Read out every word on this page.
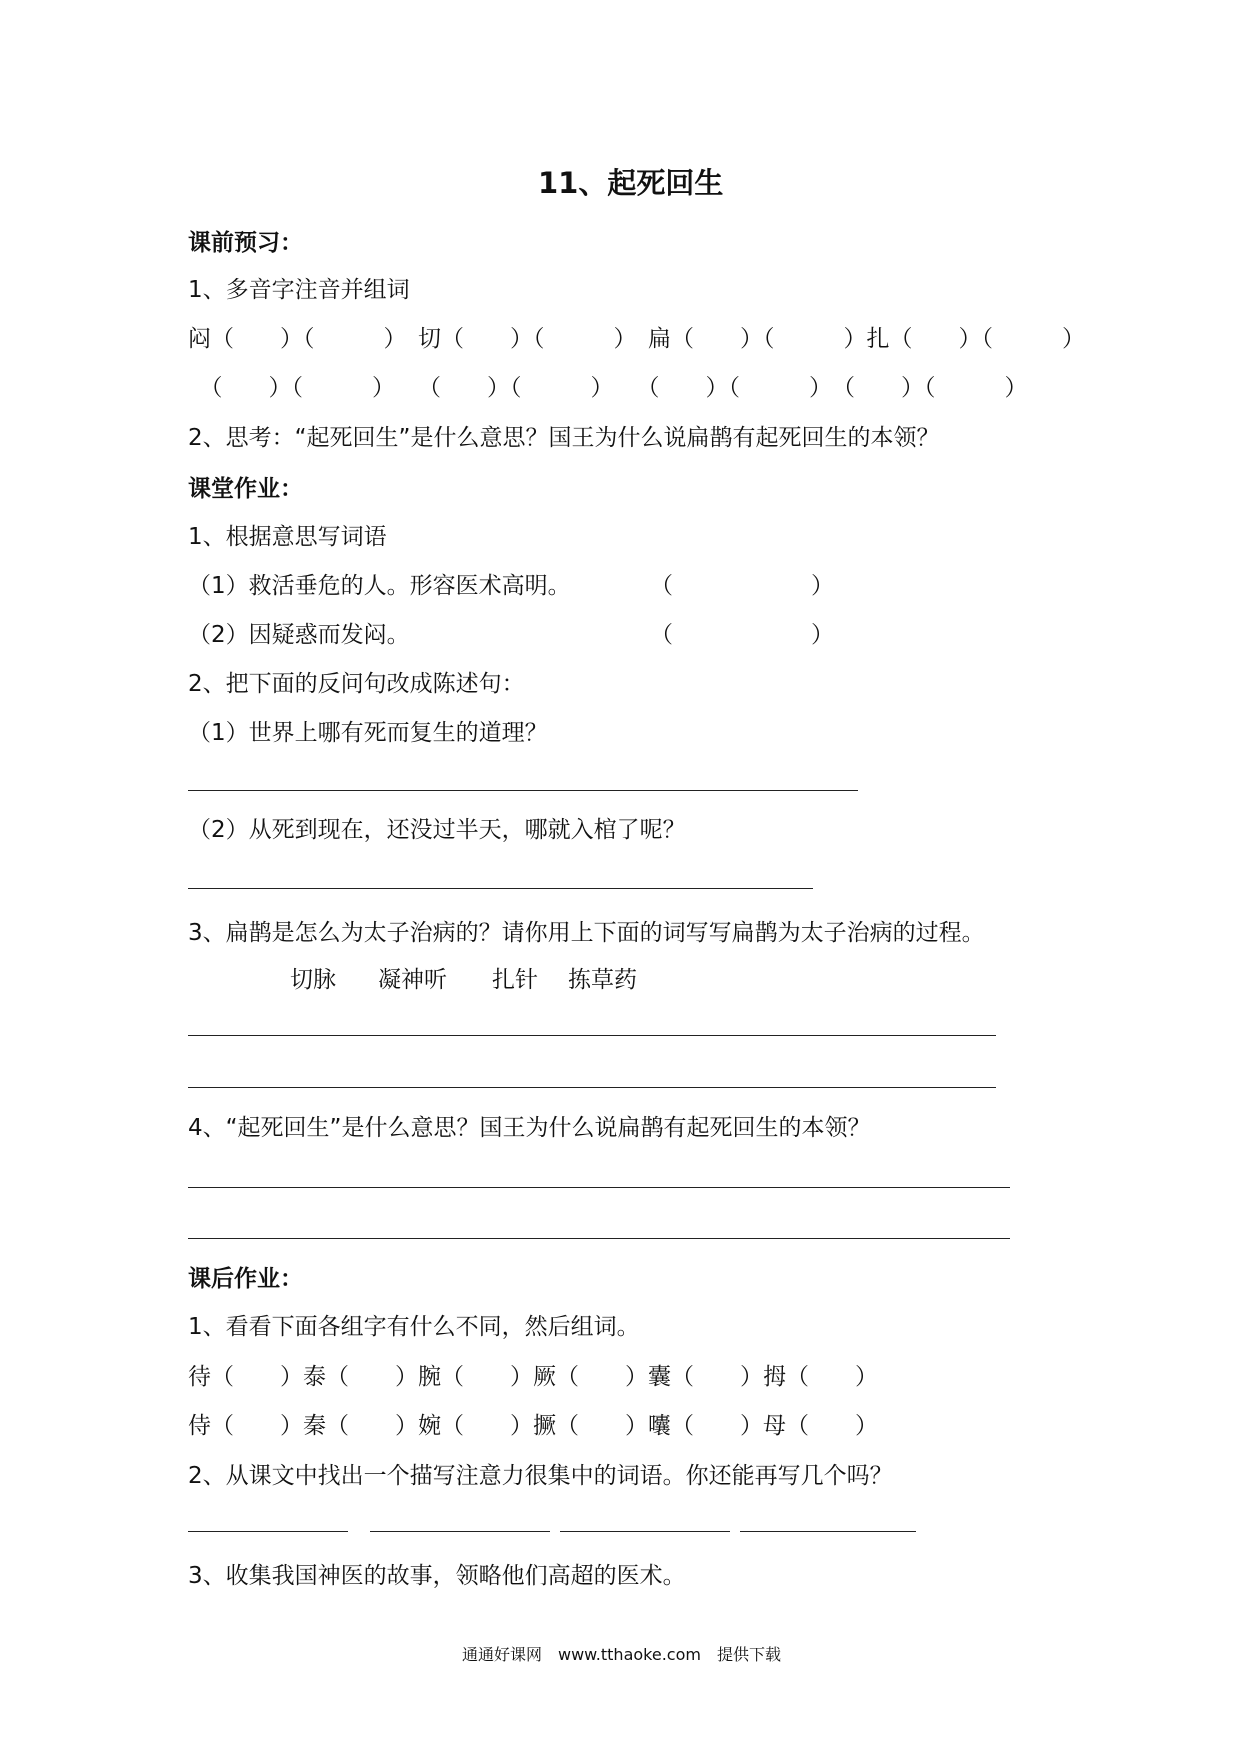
11、起死回生
课前预习：
1、多音字注音并组词
闷（　　）（　　　）　切（　　）（　　　）　扁（　　）（　　　）扎（　　）（　　　）
　（　　）（　　　）　　（　　）（　　　）　　（　　）（　　　）　（　　）（　　　）
2、思考：“起死回生”是什么意思？国王为什么说扁鹊有起死回生的本领？
课堂作业：
1、根据意思写词语
（1）救活垂危的人。形容医术高明。	（　　　　　　）
（2）因疑惑而发闷。	（　　　　　　）
2、把下面的反问句改成陈述句：
（1）世界上哪有死而复生的道理？
（2）从死到现在，还没过半天，哪就入棺了呢？
3、扁鹊是怎么为太子治病的？请你用上下面的词写写扁鹊为太子治病的过程。
切脉 凝神听 扎针 拣草药
4、“起死回生”是什么意思？国王为什么说扁鹊有起死回生的本领？
课后作业：
1、看看下面各组字有什么不同，然后组词。
待（　　）泰（　　）腕（　　）厥（　　）囊（　　）拇（　　）
侍（　　）秦（　　）婉（　　）撅（　　）囔（　　）母（　　）
2、从课文中找出一个描写注意力很集中的词语。你还能再写几个吗？
3、收集我国神医的故事，领略他们高超的医术。
通通好课网　www.tthaoke.com　提供下载
